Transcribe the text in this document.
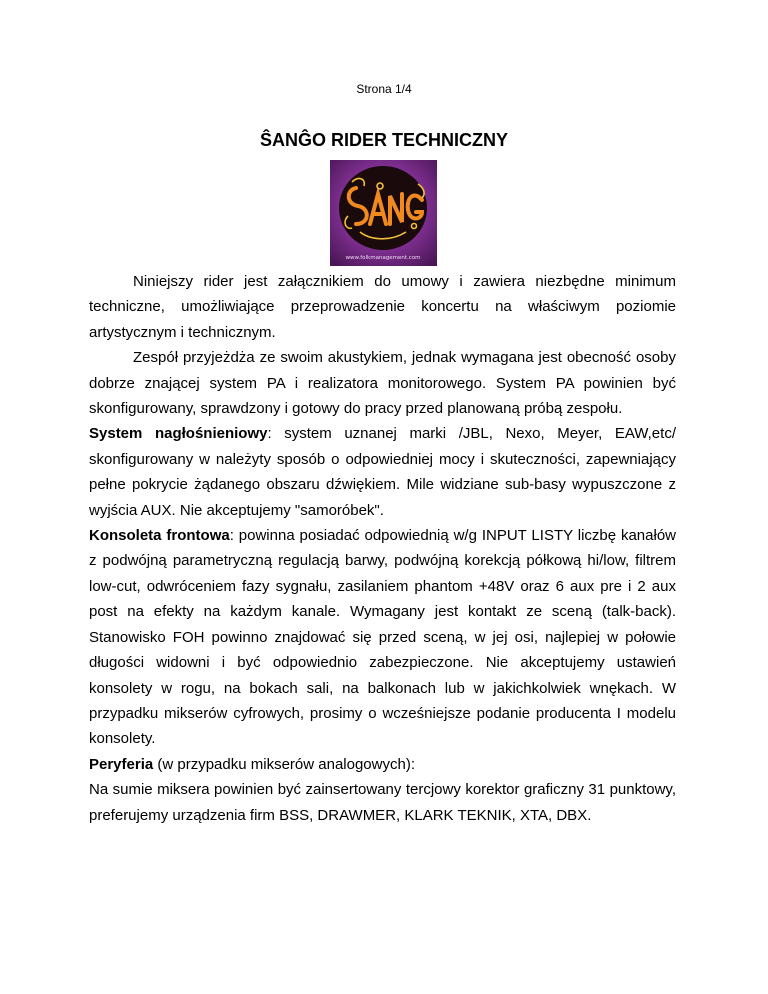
Strona 1/4
ŜANĜO RIDER TECHNICZNY
www.folkmanagement.com

Niniejszy rider jest załącznikiem do umowy i zawiera niezbędne minimum techniczne, umożliwiające przeprowadzenie koncertu na właściwym poziomie artystycznym i technicznym.

Zespół przyjeżdża ze swoim akustykiem, jednak wymagana jest obecność osoby dobrze znającej system PA i realizatora monitorowego. System PA powinien być skonfigurowany, sprawdzony i gotowy do pracy przed planowaną próbą zespołu.

System nagłośnieniowy: system uznanej marki /JBL, Nexo, Meyer, EAW,etc/ skonfigurowany w należyty sposób o odpowiedniej mocy i skuteczności, zapewniający pełne pokrycie żądanego obszaru dźwiękiem. Mile widziane sub-basy wypuszczone z wyjścia AUX. Nie akceptujemy "samoróbek".

Konsoleta frontowa: powinna posiadać odpowiednią w/g INPUT LISTY liczbę kanałów z podwójną parametryczną regulacją barwy, podwójną korekcją półkową hi/low, filtrem low-cut, odwróceniem fazy sygnału, zasilaniem phantom +48V oraz 6 aux pre i 2 aux post na efekty na każdym kanale. Wymagany jest kontakt ze sceną (talk-back). Stanowisko FOH powinno znajdować się przed sceną, w jej osi, najlepiej w połowie długości widowni i być odpowiednio zabezpieczone. Nie akceptujemy ustawień konsolety w rogu, na bokach sali, na balkonach lub w jakichkolwiek wnękach. W przypadku mikserów cyfrowych, prosimy o wcześniejsze podanie producenta I modelu konsolety.

Peryferia (w przypadku mikserów analogowych):

Na sumie miksera powinien być zainsertowany tercjowy korektor graficzny 31 punktowy, preferujemy urządzenia firm BSS, DRAWMER, KLARK TEKNIK, XTA, DBX.
